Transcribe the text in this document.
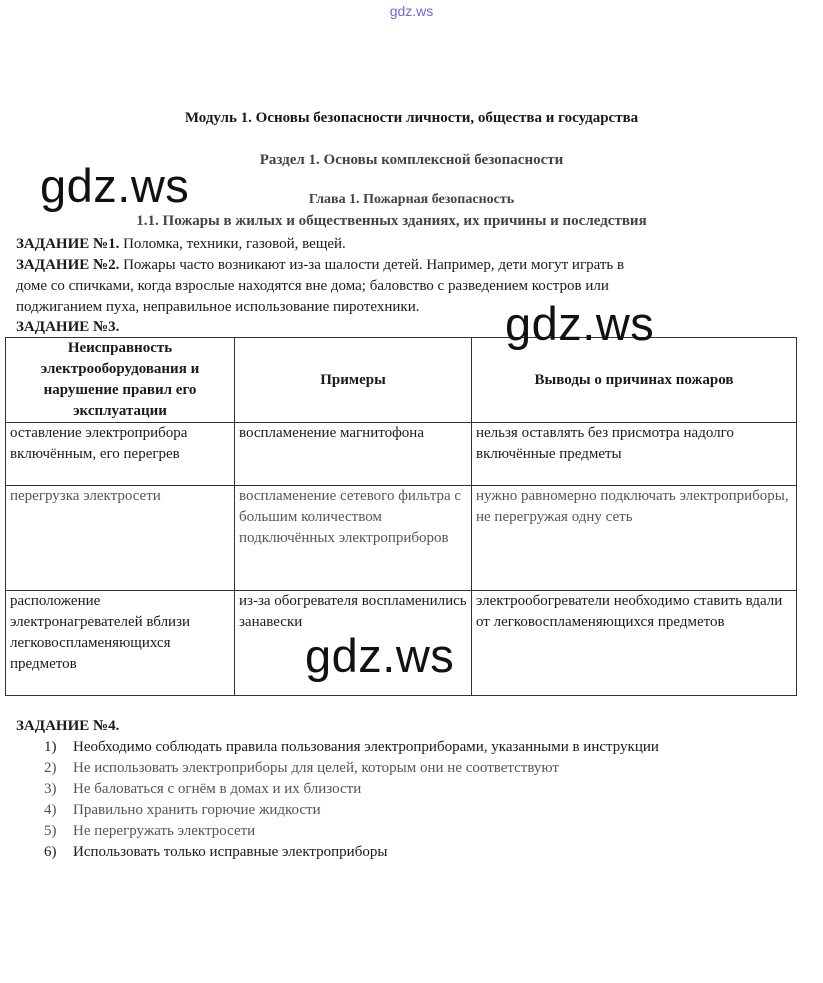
gdz.ws
Модуль 1. Основы безопасности личности, общества и государства
Раздел 1. Основы комплексной безопасности
Глава 1. Пожарная безопасность
1.1. Пожары в жилых и общественных зданиях, их причины и последствия
ЗАДАНИЕ №1. Поломка, техники, газовой, вещей.
ЗАДАНИЕ №2. Пожары часто возникают из-за шалости детей. Например, дети могут играть в
доме со спичками, когда взрослые находятся вне дома; баловство с разведением костров или
поджиганием пуха, неправильное использование пиротехники.
ЗАДАНИЕ №3.
Неисправность электрооборудования и нарушение правил его эксплуатации	Примеры	Выводы о причинах пожаров
оставление электроприбора включённым, его перегрев	воспламенение магнитофона	нельзя оставлять без присмотра надолго включённые предметы
перегрузка электросети	воспламенение сетевого фильтра с большим количеством подключённых электроприборов	нужно равномерно подключать электроприборы, не перегружая одну сеть
расположение электронагревателей вблизи легковоспламеняющихся предметов	из-за обогревателя воспламенились занавески	электрообогреватели необходимо ставить вдали от легковоспламеняющихся предметов
ЗАДАНИЕ №4.
1) Необходимо соблюдать правила пользования электроприборами, указанными в инструкции
2) Не использовать электроприборы для целей, которым они не соответствуют
3) Не баловаться с огнём в домах и их близости
4) Правильно хранить горючие жидкости
5) Не перегружать электросети
6) Использовать только исправные электроприборы
gdz.ws
gdz.ws
gdz.ws
